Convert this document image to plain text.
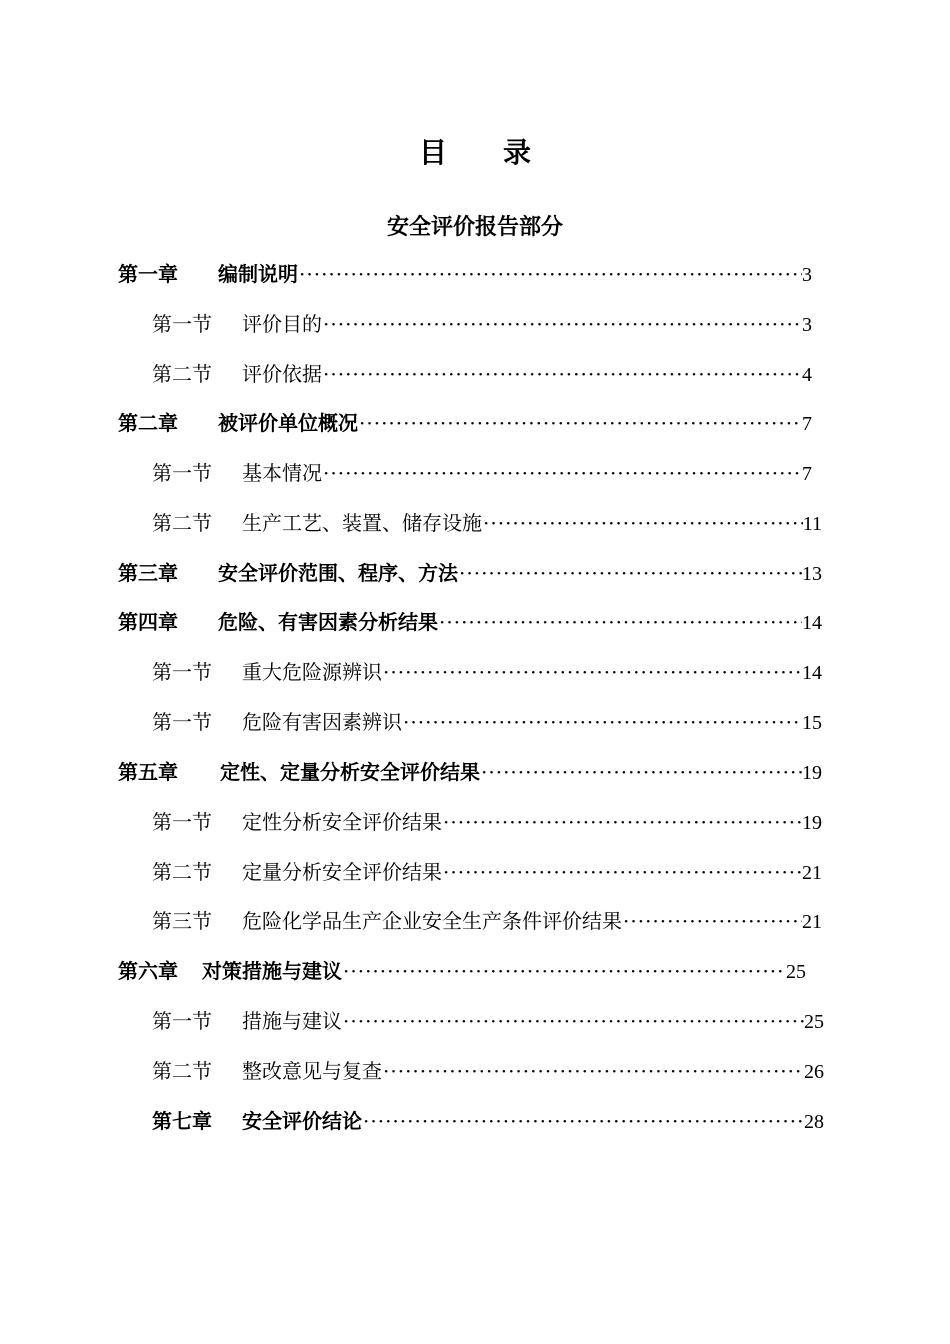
目 录
安全评价报告部分
第一章	编制说明 ·····	3
第一节	评价目的 ·····	3
第二节	评价依据 ·····	4
第二章	被评价单位概况 ·····	7
第一节	基本情况 ·····	7
第二节	生产工艺、装置、储存设施 ·····	11
第三章	安全评价范围、程序、方法 ·····	13
第四章	危险、有害因素分析结果 ·····	14
第一节	重大危险源辨识 ·····	14
第一节	危险有害因素辨识 ·····	15
第五章	定性、定量分析安全评价结果 ·····	19
第一节	定性分析安全评价结果 ·····	19
第二节	定量分析安全评价结果 ·····	21
第三节	危险化学品生产企业安全生产条件评价结果 ·····	21
第六章	对策措施与建议 ·····	25
第一节	措施与建议 ·····	25
第二节	整改意见与复查 ·····	26
第七章	安全评价结论 ·····	28
